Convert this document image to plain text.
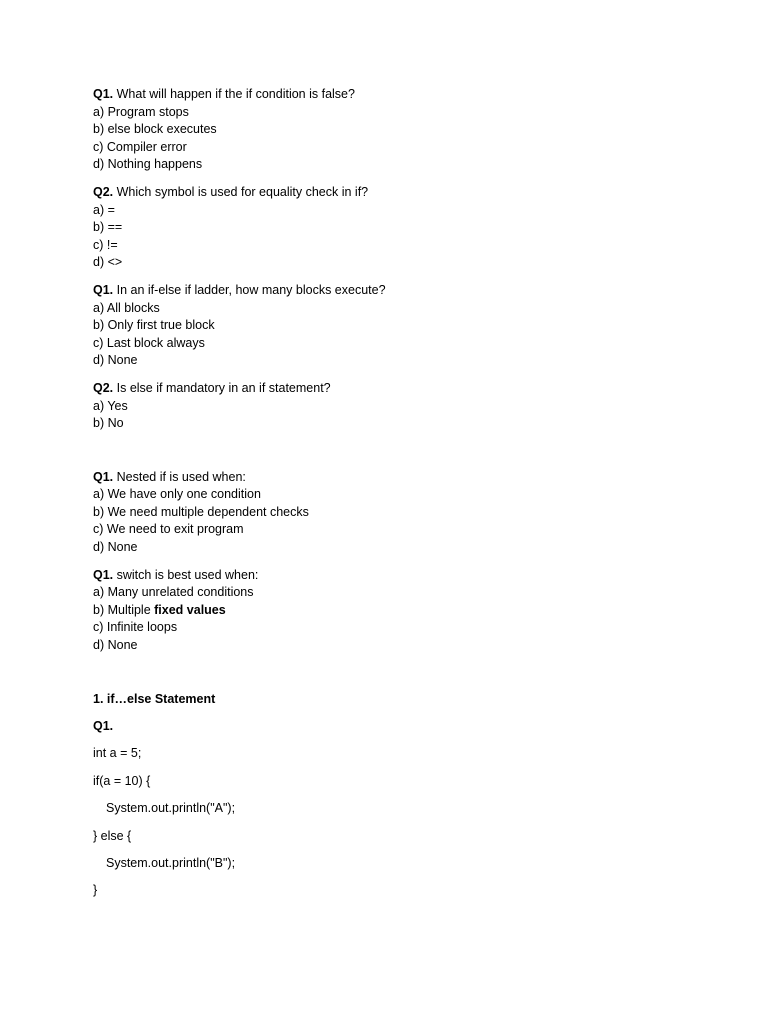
Q1. What will happen if the if condition is false?
a) Program stops
b) else block executes
c) Compiler error
d) Nothing happens
Q2. Which symbol is used for equality check in if?
a) =
b) ==
c) !=
d) <>
Q1. In an if-else if ladder, how many blocks execute?
a) All blocks
b) Only first true block
c) Last block always
d) None
Q2. Is else if mandatory in an if statement?
a) Yes
b) No
Q1. Nested if is used when:
a) We have only one condition
b) We need multiple dependent checks
c) We need to exit program
d) None
Q1. switch is best used when:
a) Many unrelated conditions
b) Multiple fixed values
c) Infinite loops
d) None
1. if…else Statement
Q1.
int a = 5;
if(a = 10) {
System.out.println("A");
} else {
System.out.println("B");
}
